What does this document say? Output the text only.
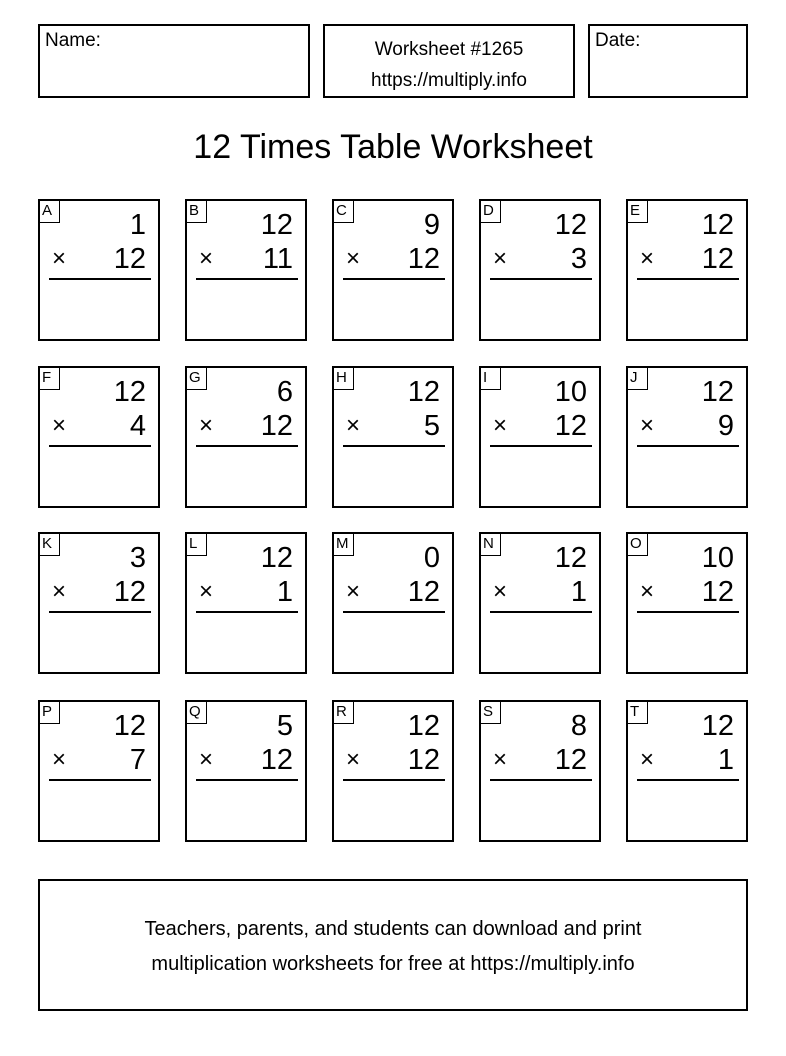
Name:	Worksheet #1265
https://multiply.info
Date:
12 Times Table Worksheet
A	1
× 12
B 12
× 11
C	9
× 12
D 12
× 3
E 12
× 12
F	12
× 4
G	6
× 12
H 12
× 5
I	10
× 12
J	12
× 9
K	3
× 12
L	12
× 1
M	0
× 12
N 12
× 1
O 10
× 12
P 12
× 7
Q	5
× 12
R 12
× 12
S	8
× 12
T	12
× 1
Teachers, parents, and students can download and print
multiplication worksheets for free at https://multiply.info
